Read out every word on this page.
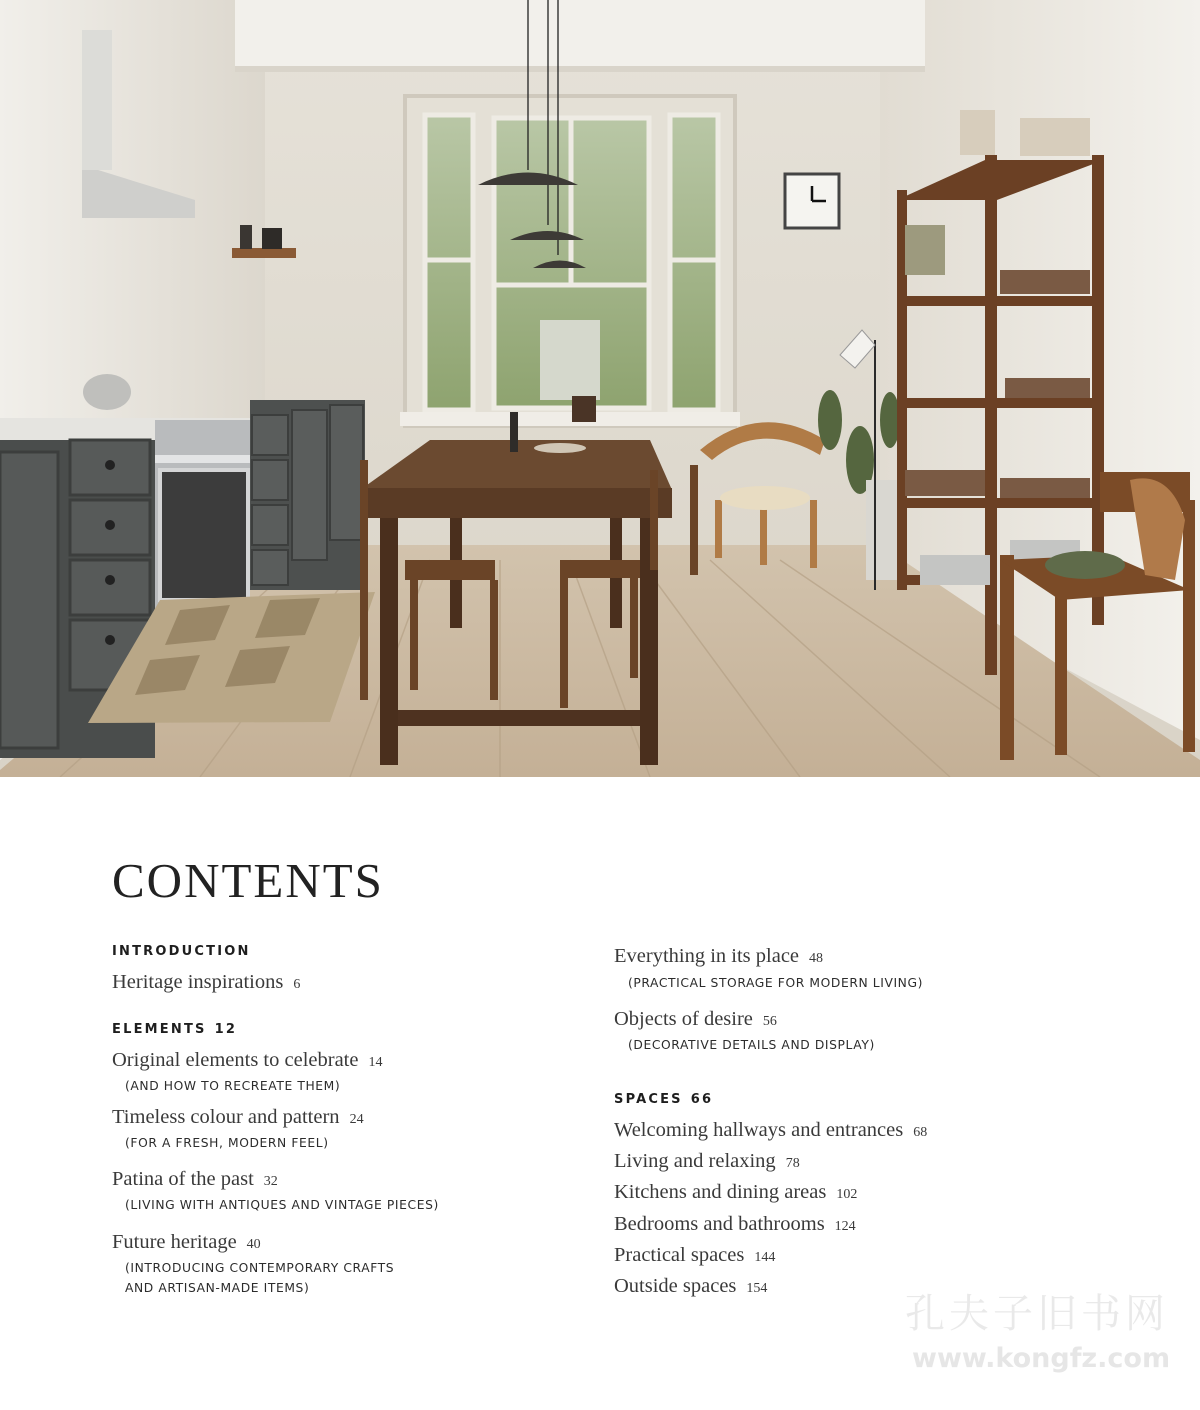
CONTENTS
INTRODUCTION
Heritage inspirations 6
ELEMENTS 12
Original elements to celebrate 14
(AND HOW TO RECREATE THEM)
Timeless colour and pattern 24
(FOR A FRESH, MODERN FEEL)
Patina of the past 32
(LIVING WITH ANTIQUES AND VINTAGE PIECES)
Future heritage 40
(INTRODUCING CONTEMPORARY CRAFTS
AND ARTISAN-MADE ITEMS)
Everything in its place 48
(PRACTICAL STORAGE FOR MODERN LIVING)
Objects of desire 56
(DECORATIVE DETAILS AND DISPLAY)
SPACES 66
Welcoming hallways and entrances 68
Living and relaxing 78
Kitchens and dining areas 102
Bedrooms and bathrooms 124
Practical spaces 144
Outside spaces 154
孔夫子旧书网
www.kongfz.com
